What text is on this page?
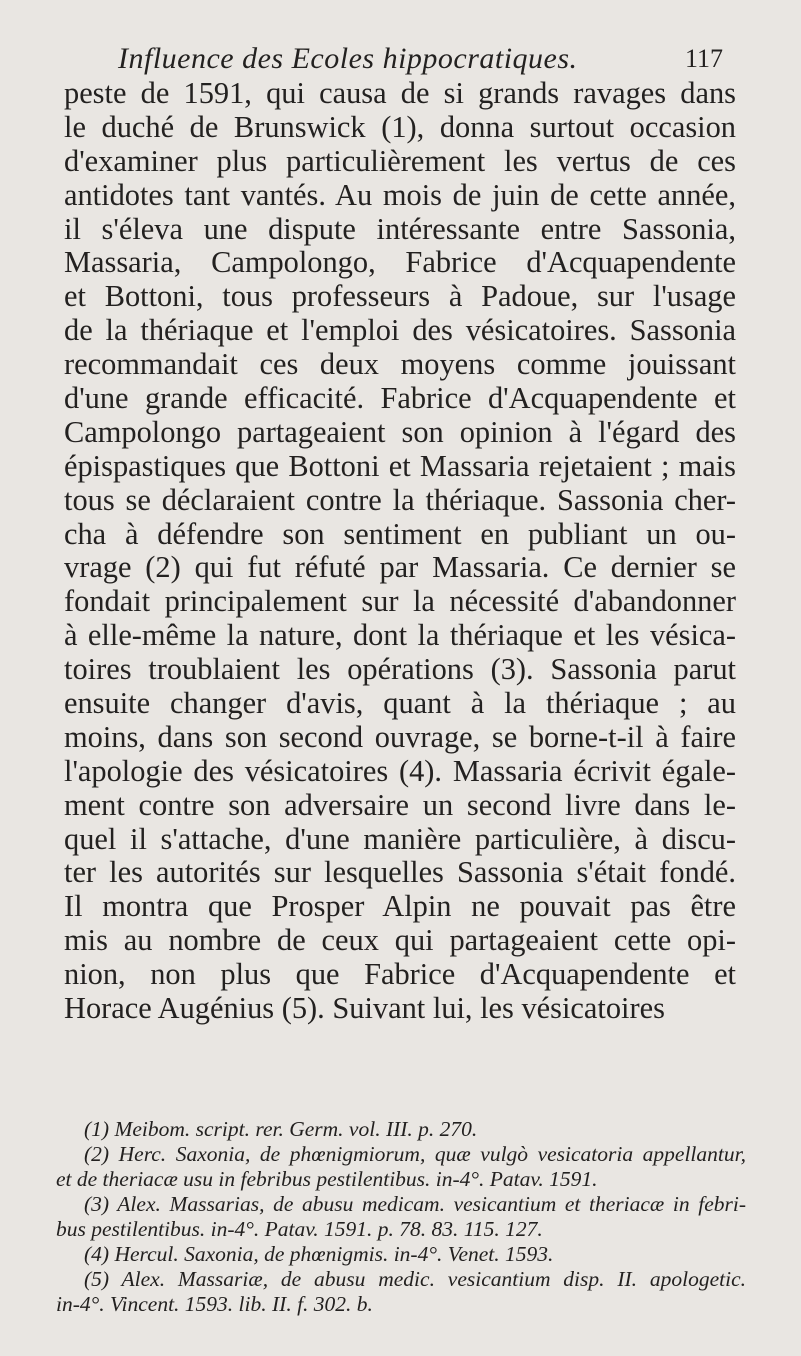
Influence des Ecoles hippocratiques.	117
peste de 1591, qui causa de si grands ravages dans
le duché de Brunswick (1), donna surtout occasion
d'examiner plus particulièrement les vertus de ces
antidotes tant vantés. Au mois de juin de cette année,
il s'éleva une dispute intéressante entre Sassonia,
Massaria, Campolongo, Fabrice d'Acquapendente
et Bottoni, tous professeurs à Padoue, sur l'usage
de la thériaque et l'emploi des vésicatoires. Sassonia
recommandait ces deux moyens comme jouissant
d'une grande efficacité. Fabrice d'Acquapendente et
Campolongo partageaient son opinion à l'égard des
épispastiques que Bottoni et Massaria rejetaient ; mais
tous se déclaraient contre la thériaque. Sassonia cher-
cha à défendre son sentiment en publiant un ou-
vrage (2) qui fut réfuté par Massaria. Ce dernier se
fondait principalement sur la nécessité d'abandonner
à elle-même la nature, dont la thériaque et les vésica-
toires troublaient les opérations (3). Sassonia parut
ensuite changer d'avis, quant à la thériaque ; au
moins, dans son second ouvrage, se borne-t-il à faire
l'apologie des vésicatoires (4). Massaria écrivit égale-
ment contre son adversaire un second livre dans le-
quel il s'attache, d'une manière particulière, à discu-
ter les autorités sur lesquelles Sassonia s'était fondé.
Il montra que Prosper Alpin ne pouvait pas être
mis au nombre de ceux qui partageaient cette opi-
nion, non plus que Fabrice d'Acquapendente et
Horace Augénius (5). Suivant lui, les vésicatoires
(1) Meibom. script. rer. Germ. vol. III. p. 270.
(2) Herc. Saxonia, de phœnigmiorum, quæ vulgò vesicatoria appellantur,
et de theriacæ usu in febribus pestilentibus. in-4°. Patav. 1591.
(3) Alex. Massarias, de abusu medicam. vesicantium et theriacæ in febri-
bus pestilentibus. in-4°. Patav. 1591. p. 78. 83. 115. 127.
(4) Hercul. Saxonia, de phœnigmis. in-4°. Venet. 1593.
(5) Alex. Massariæ, de abusu medic. vesicantium disp. II. apologetic.
in-4°. Vincent. 1593. lib. II. f. 302. b.
